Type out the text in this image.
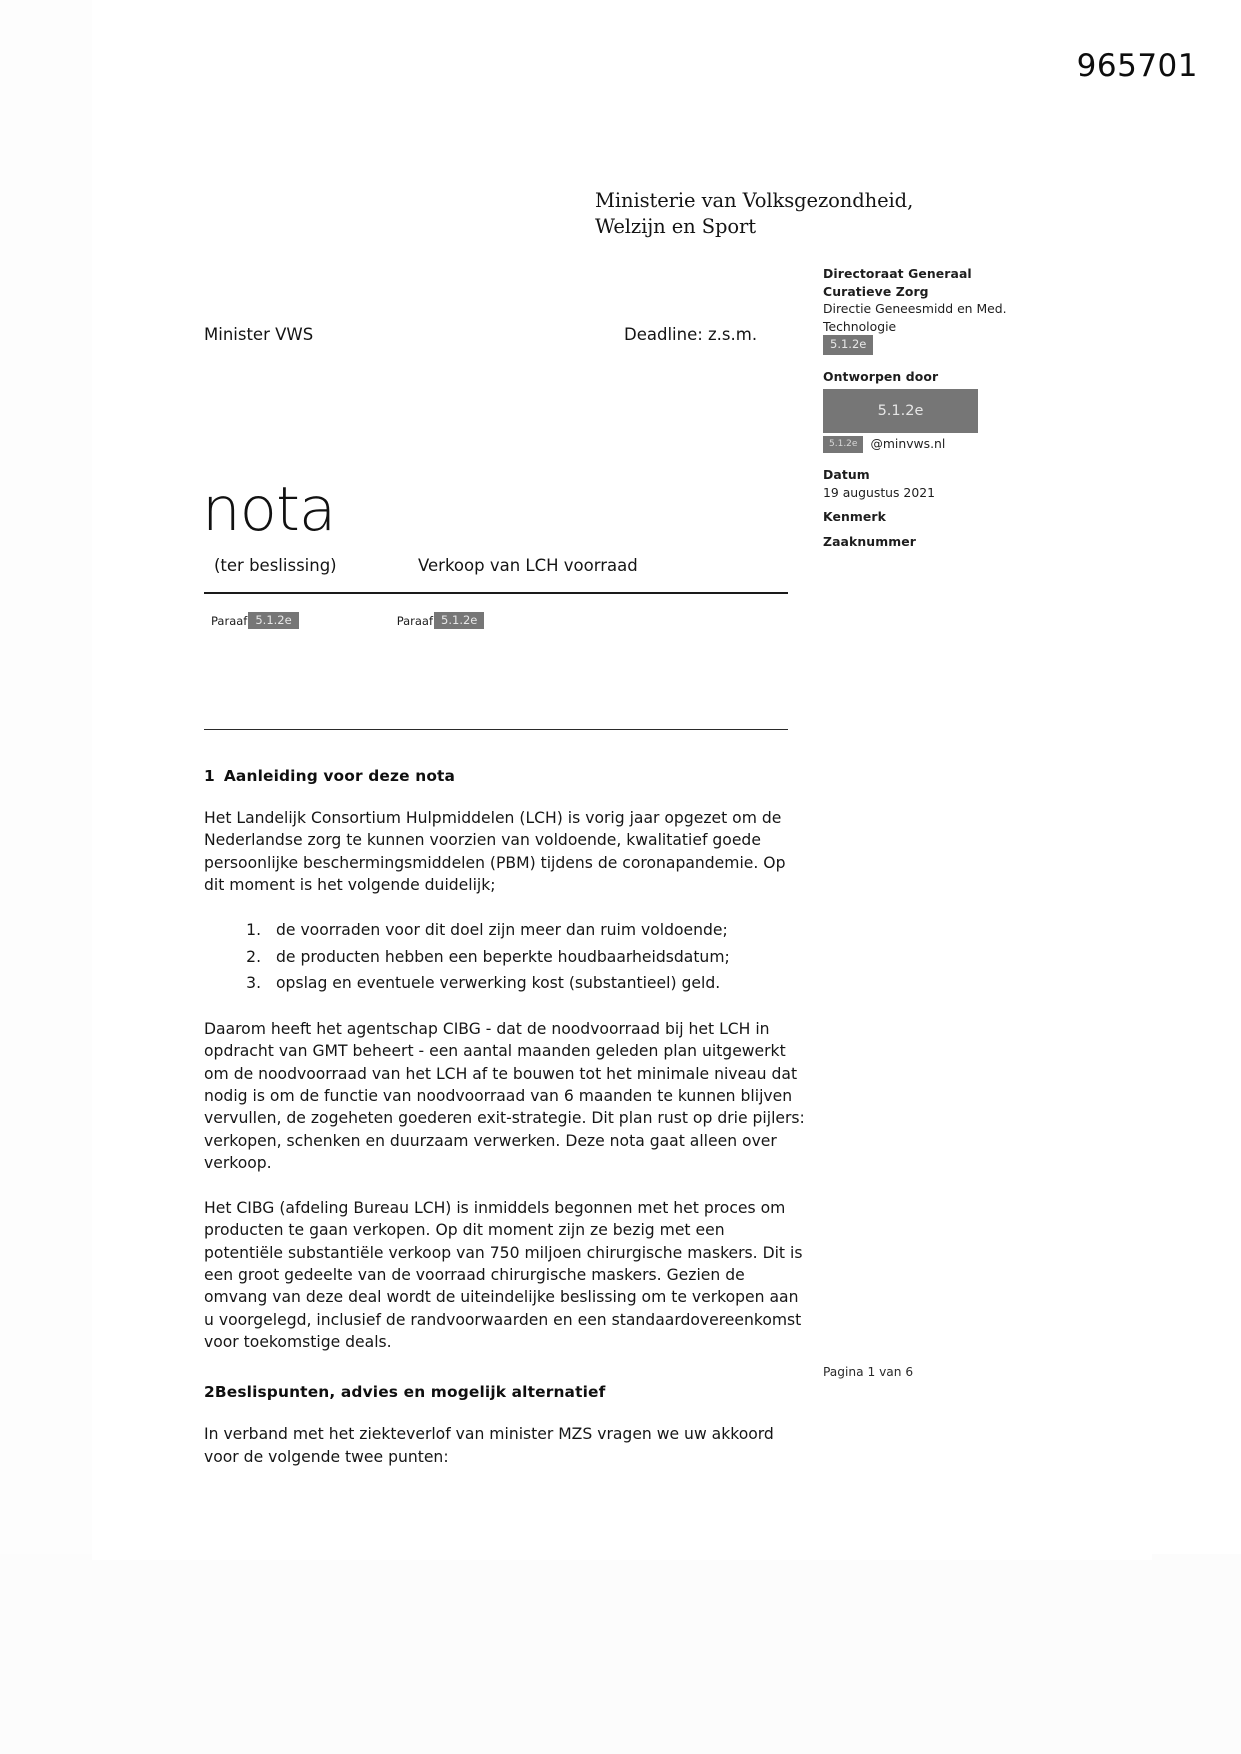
965701
Ministerie van Volksgezondheid,
Welzijn en Sport
Minister VWS	Deadline: z.s.m.
Directoraat Generaal
Curatieve Zorg
Directie Geneesmidd en Med.
Technologie
5.1.2e
Ontworpen door
5.1.2e
5.1.2e	@minvws.nl
Datum
19 augustus 2021
Kenmerk
Zaaknummer
nota
(ter beslissing)	Verkoop van LCH voorraad
Paraaf 5.1.2e	Paraaf 5.1.2e
1 Aanleiding voor deze nota

Het Landelijk Consortium Hulpmiddelen (LCH) is vorig jaar opgezet om de Nederlandse zorg te kunnen voorzien van voldoende, kwalitatief goede persoonlijke beschermingsmiddelen (PBM) tijdens de coronapandemie. Op dit moment is het volgende duidelijk;

1. de voorraden voor dit doel zijn meer dan ruim voldoende;
2. de producten hebben een beperkte houdbaarheidsdatum;
3. opslag en eventuele verwerking kost (substantieel) geld.

Daarom heeft het agentschap CIBG - dat de noodvoorraad bij het LCH in opdracht van GMT beheert - een aantal maanden geleden plan uitgewerkt om de noodvoorraad van het LCH af te bouwen tot het minimale niveau dat nodig is om de functie van noodvoorraad van 6 maanden te kunnen blijven vervullen, de zogeheten goederen exit-strategie. Dit plan rust op drie pijlers: verkopen, schenken en duurzaam verwerken. Deze nota gaat alleen over verkoop.

Het CIBG (afdeling Bureau LCH) is inmiddels begonnen met het proces om producten te gaan verkopen. Op dit moment zijn ze bezig met een potentiële substantiële verkoop van 750 miljoen chirurgische maskers. Dit is een groot gedeelte van de voorraad chirurgische maskers. Gezien de omvang van deze deal wordt de uiteindelijke beslissing om te verkopen aan u voorgelegd, inclusief de randvoorwaarden en een standaardovereenkomst voor toekomstige deals.

2Beslispunten, advies en mogelijk alternatief

In verband met het ziekteverlof van minister MZS vragen we uw akkoord voor de volgende twee punten:

Pagina 1 van 6
